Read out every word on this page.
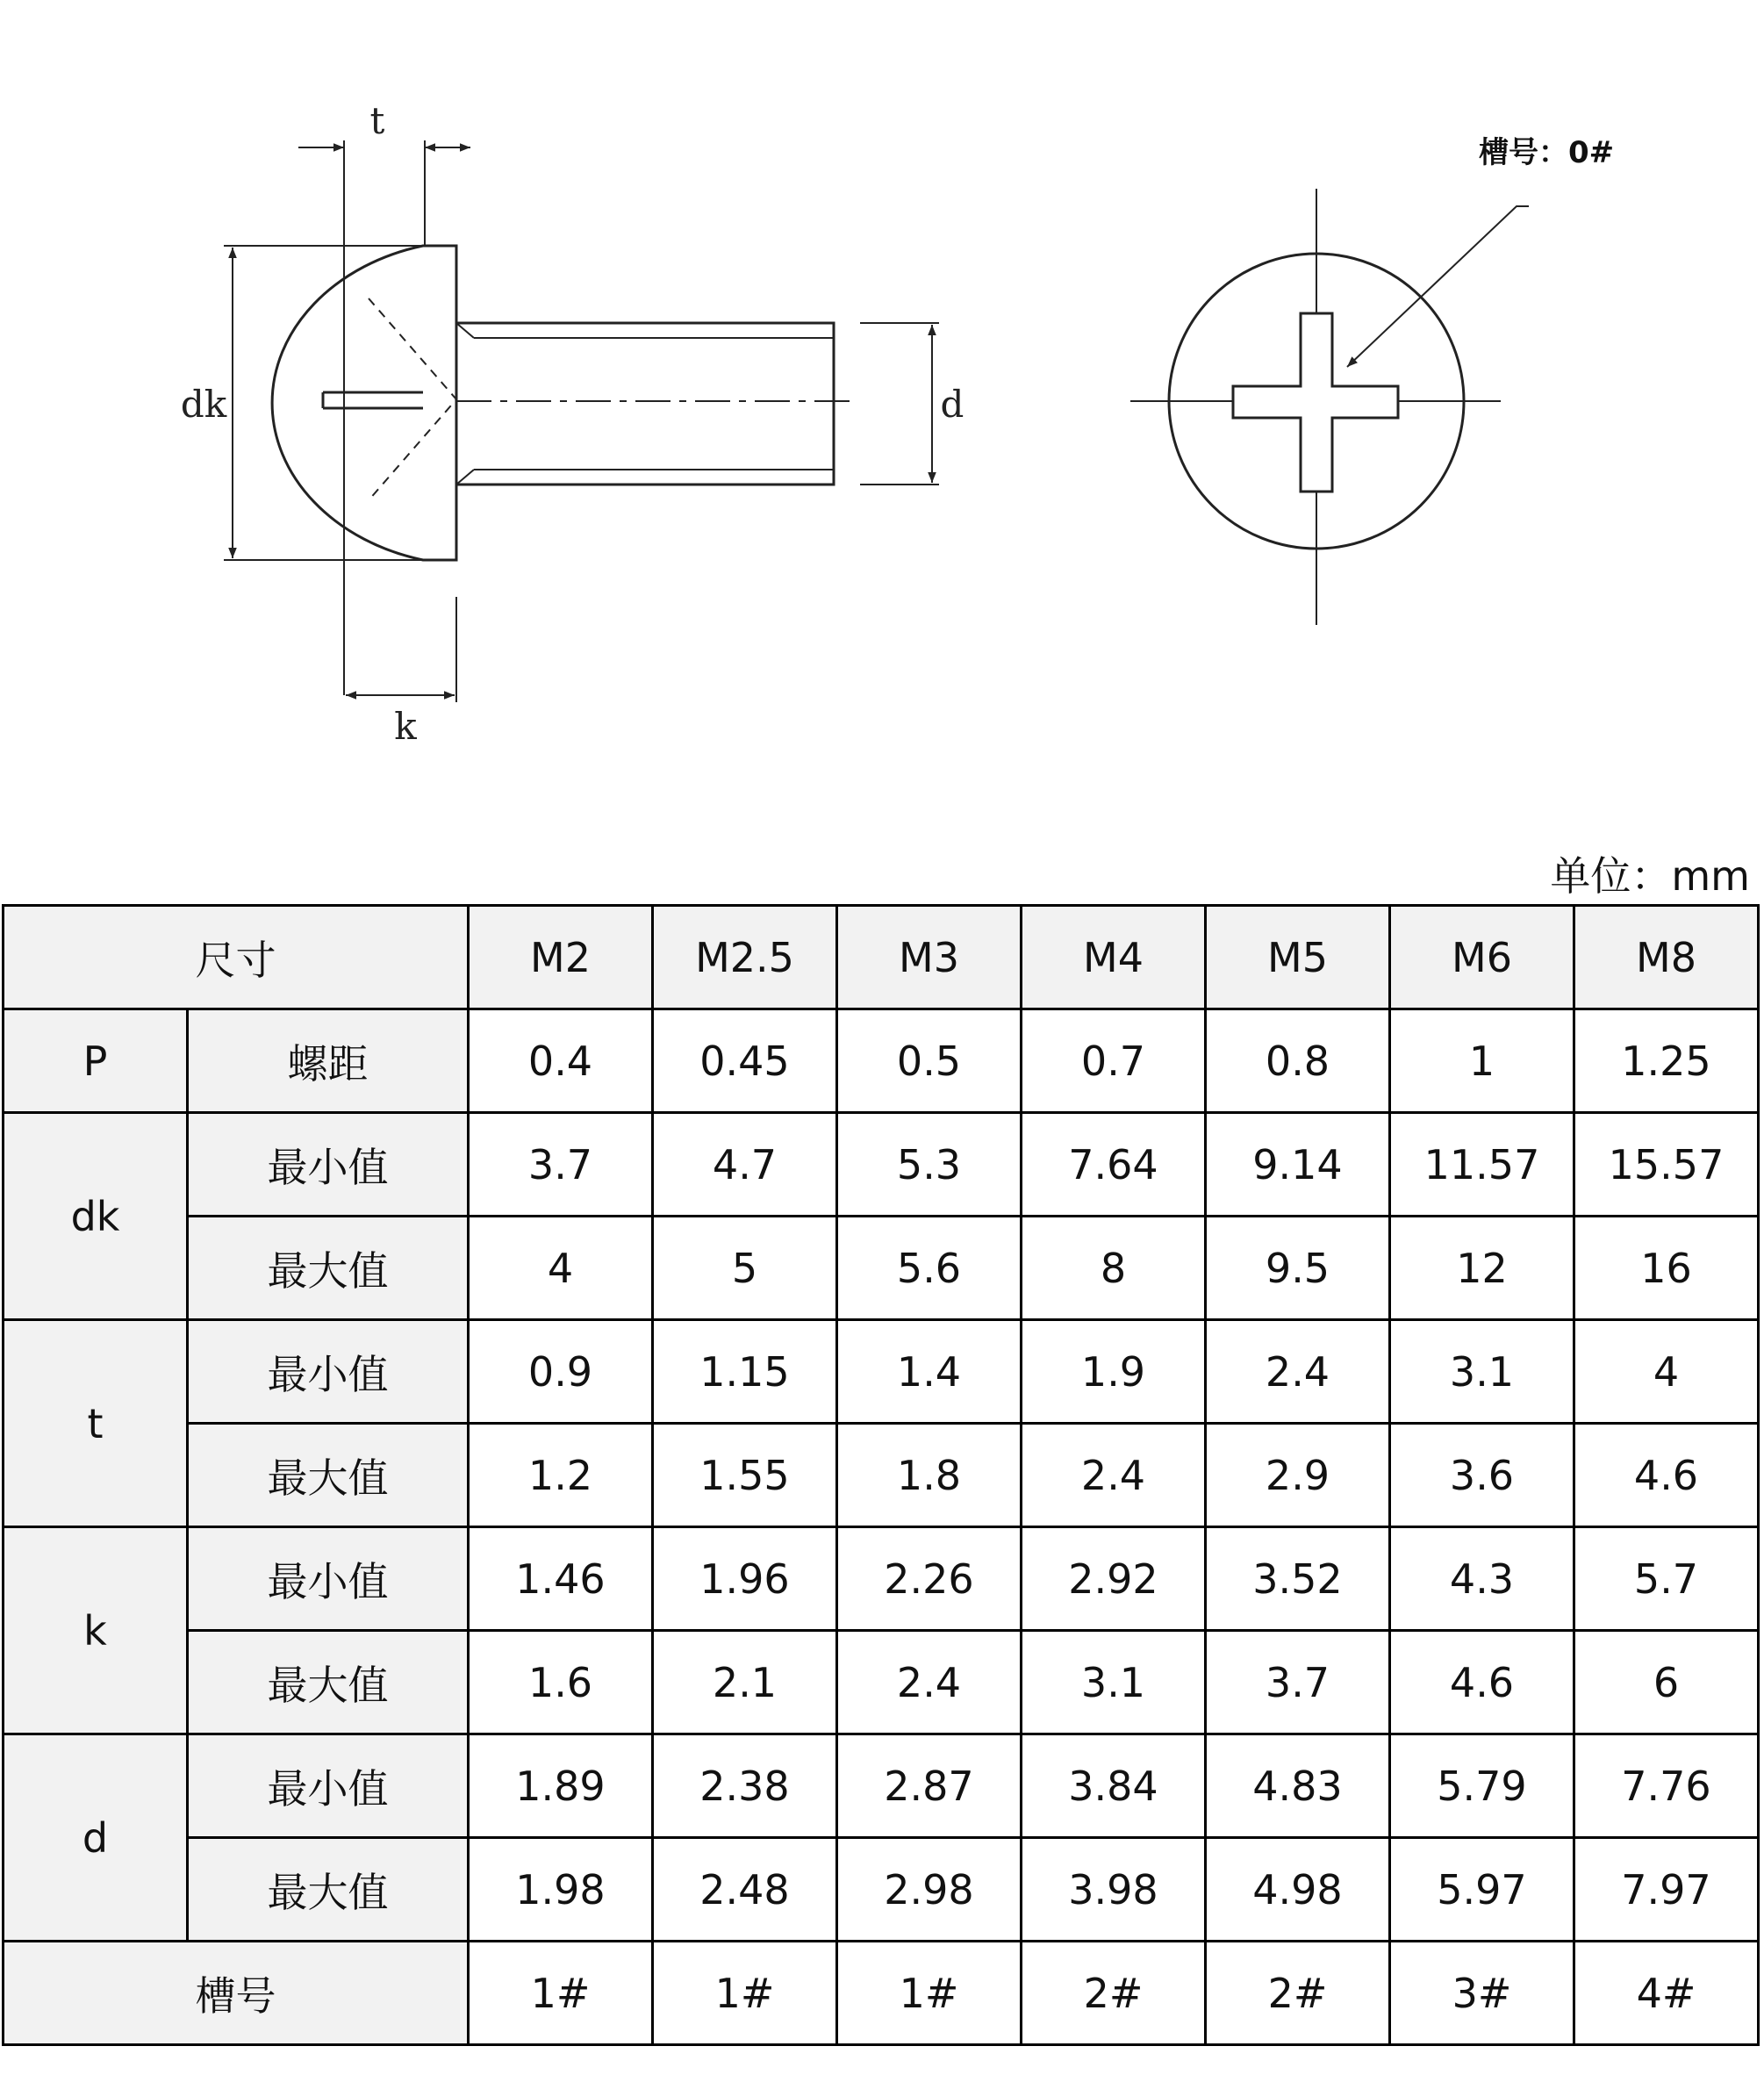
t
dk	d
k
槽号：0#
单位：mm
尺寸		M2	M2.5	M3	M4	M5	M6	M8
P	螺距	0.4	0.45	0.5	0.7	0.8	1	1.25
dk	最小值	3.7	4.7	5.3	7.64	9.14	11.57	15.57
	最大值	4	5	5.6	8	9.5	12	16
t	最小值	0.9	1.15	1.4	1.9	2.4	3.1	4
	最大值	1.2	1.55	1.8	2.4	2.9	3.6	4.6
k	最小值	1.46	1.96	2.26	2.92	3.52	4.3	5.7
	最大值	1.6	2.1	2.4	3.1	3.7	4.6	6
d	最小值	1.89	2.38	2.87	3.84	4.83	5.79	7.76
	最大值	1.98	2.48	2.98	3.98	4.98	5.97	7.97
槽号		1#	1#	1#	2#	2#	3#	4#
